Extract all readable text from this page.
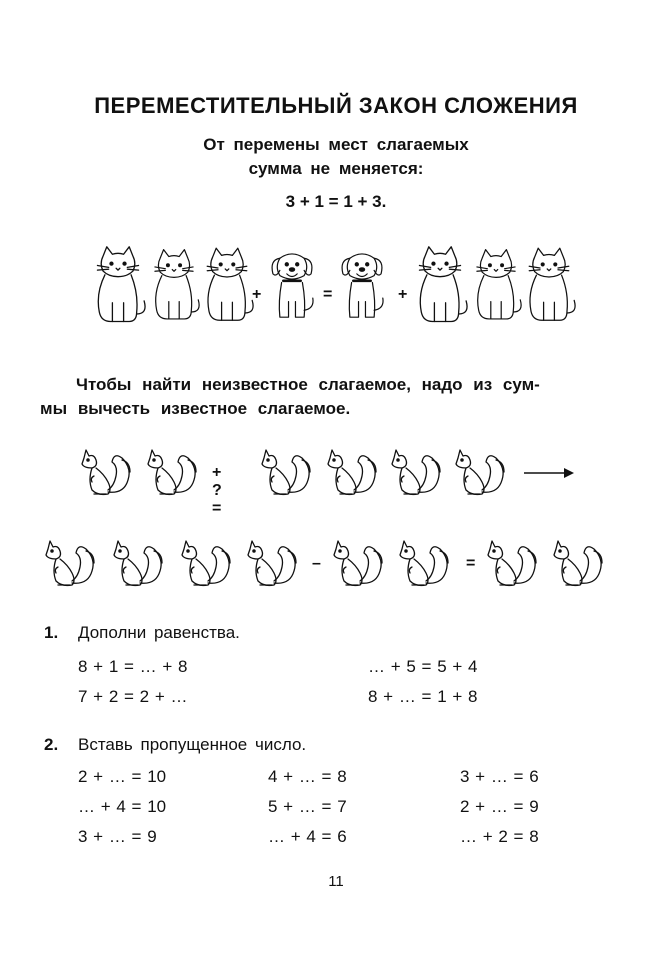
ПЕРЕМЕСТИТЕЛЬНЫЙ ЗАКОН СЛОЖЕНИЯ
От перемены мест слагаемых
сумма не меняется:
3 + 1 = 1 + 3.
+	=	+
Чтобы найти неизвестное слагаемое, надо из сум-
мы вычесть известное слагаемое.
+ ? =
–	=
1. Дополни равенства.
8 + 1 = … + 8	… + 5 = 5 + 4
7 + 2 = 2 + …	8 + … = 1 + 8
2. Вставь пропущенное число.
2 + … = 10	4 + … = 8	3 + … = 6
… + 4 = 10	5 + … = 7	2 + … = 9
3 + … = 9	… + 4 = 6	… + 2 = 8
11
